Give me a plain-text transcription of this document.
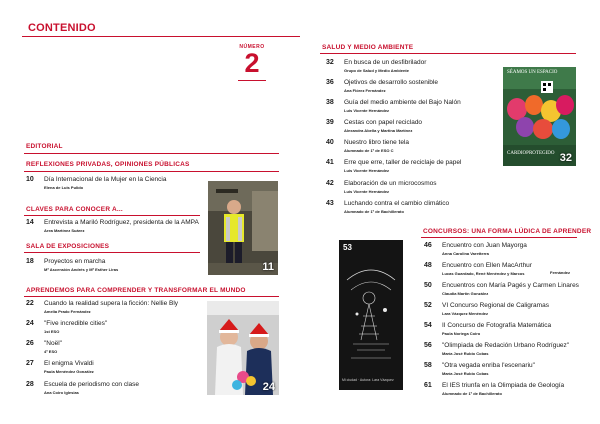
CONTENIDO
NÚMERO
2
EDITORIAL
REFLEXIONES PRIVADAS, OPINIONES PÚBLICAS
10 Día Internacional de la Mujer en la Ciencia
Elena de Luis Pulido
CLAVES PARA CONOCER A...
14 Entrevista a Mariló Rodríguez, presidenta de la AMPA
Area Martínez Suárez
SALA DE EXPOSICIONES
18 Proyectos en marcha
Mª Ascensión Andrés y Mª Esther Liras
APRENDEMOS PARA COMPRENDER Y TRANSFORMAR EL MUNDO
22 Cuando la realidad supera la ficción: Nellie Bly
Amelia Prado Fernández
24 "Five incredible cities"
1st ESO
26 "Noël"
4º ESO
27 El enigma Vivaldi
Paula Menéndez González
28 Escuela de periodismo con clase
Ana Coiro Iglesias
11
24
SALUD Y MEDIO AMBIENTE
32 En busca de un desfibrilador
Grupo de Salud y Medio Ambiente
36 Ojetivos de desarrollo sostenible
Ana Flórez Fernández
38 Guía del medio ambiente del Bajo Nalón
Luis Vicente Hernández
39 Cestas con papel reciclado
Alexandra Abella y Martina Martínez
40 Nuestro libro tiene tela
Alumnado de 1º de ESO C
41 Erre que erre, taller de reciclaje de papel
Luis Vicente Hernández
42 Elaboración de un microcosmos
Luis Vicente Hernández
43 Luchando contra el cambio climático
Alumnado de 1º de Bachillerato
SÉAMOS UN ESPACIO
CARDIOPROTEGIDO 32
53
Mi ciudad · Autora: Lara Vázquez
CONCURSOS: UNA FORMA LÚDICA DE APRENDER
46 Encuentro con Juan Mayorga
Anna Carolina Varetterra
48 Encuentro con Ellen MacArthur
Lucas Guardado, René Menéndez y Marcos	Fernández
50 Encuentros con María Pagés y Carmen Linares
Claudia Martín González
52 VI Concurso Regional de Caligramas
Lara Vázquez Menéndez
54 II Concurso de Fotografía Matemática
Paula Noriega Coiro
56 "Olimpiada de Redación Urbano Rodríguez"
María José Rubio Cobas
58 "Otra vegada enriba l'escenariu"
María José Rubio Cobas
61 El IES triunfa en la Olimpiada de Geología
Alumnado de 1º de Bachillerato
